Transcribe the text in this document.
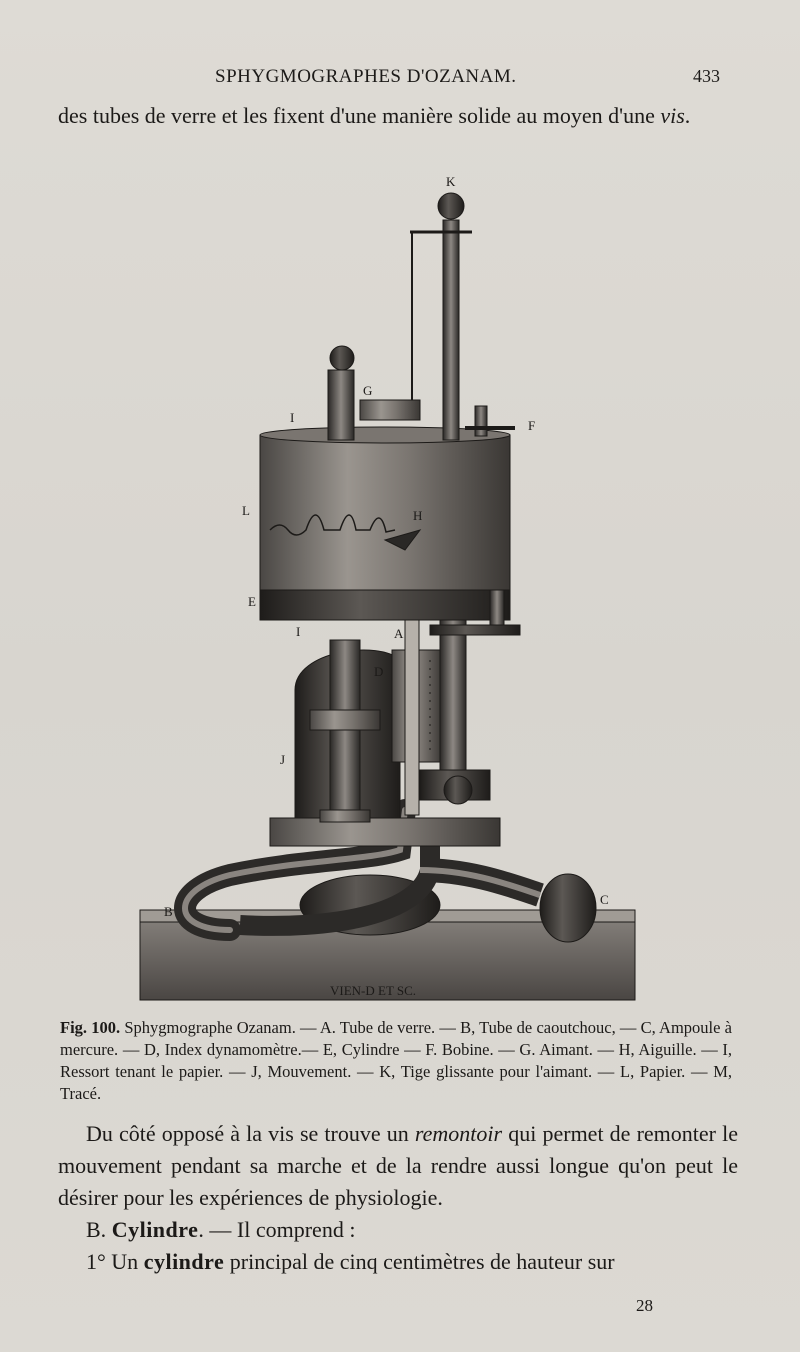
SPHYGMOGRAPHES D'OZANAM.	433
des tubes de verre et les fixent d'une manière solide au moyen d'une vis.
VIEN-D ET SC.
K
G
I
F
L	H
E
I	A
D
J
C
B
Fig. 100. Sphygmographe Ozanam. — A. Tube de verre. — B, Tube de caoutchouc, — C, Ampoule à mercure. — D, Index dynamomètre.— E, Cylindre — F. Bobine. — G. Aimant. — H, Aiguille. — I, Ressort tenant le papier. — J, Mouvement. — K, Tige glissante pour l'aimant. — L, Papier. — M, Tracé.
Du côté opposé à la vis se trouve un remontoir qui permet de remonter le mouvement pendant sa marche et de la rendre aussi longue qu'on peut le désirer pour les expériences de physiologie.
B. Cylindre. — Il comprend :
1° Un cylindre principal de cinq centimètres de hauteur sur
28
